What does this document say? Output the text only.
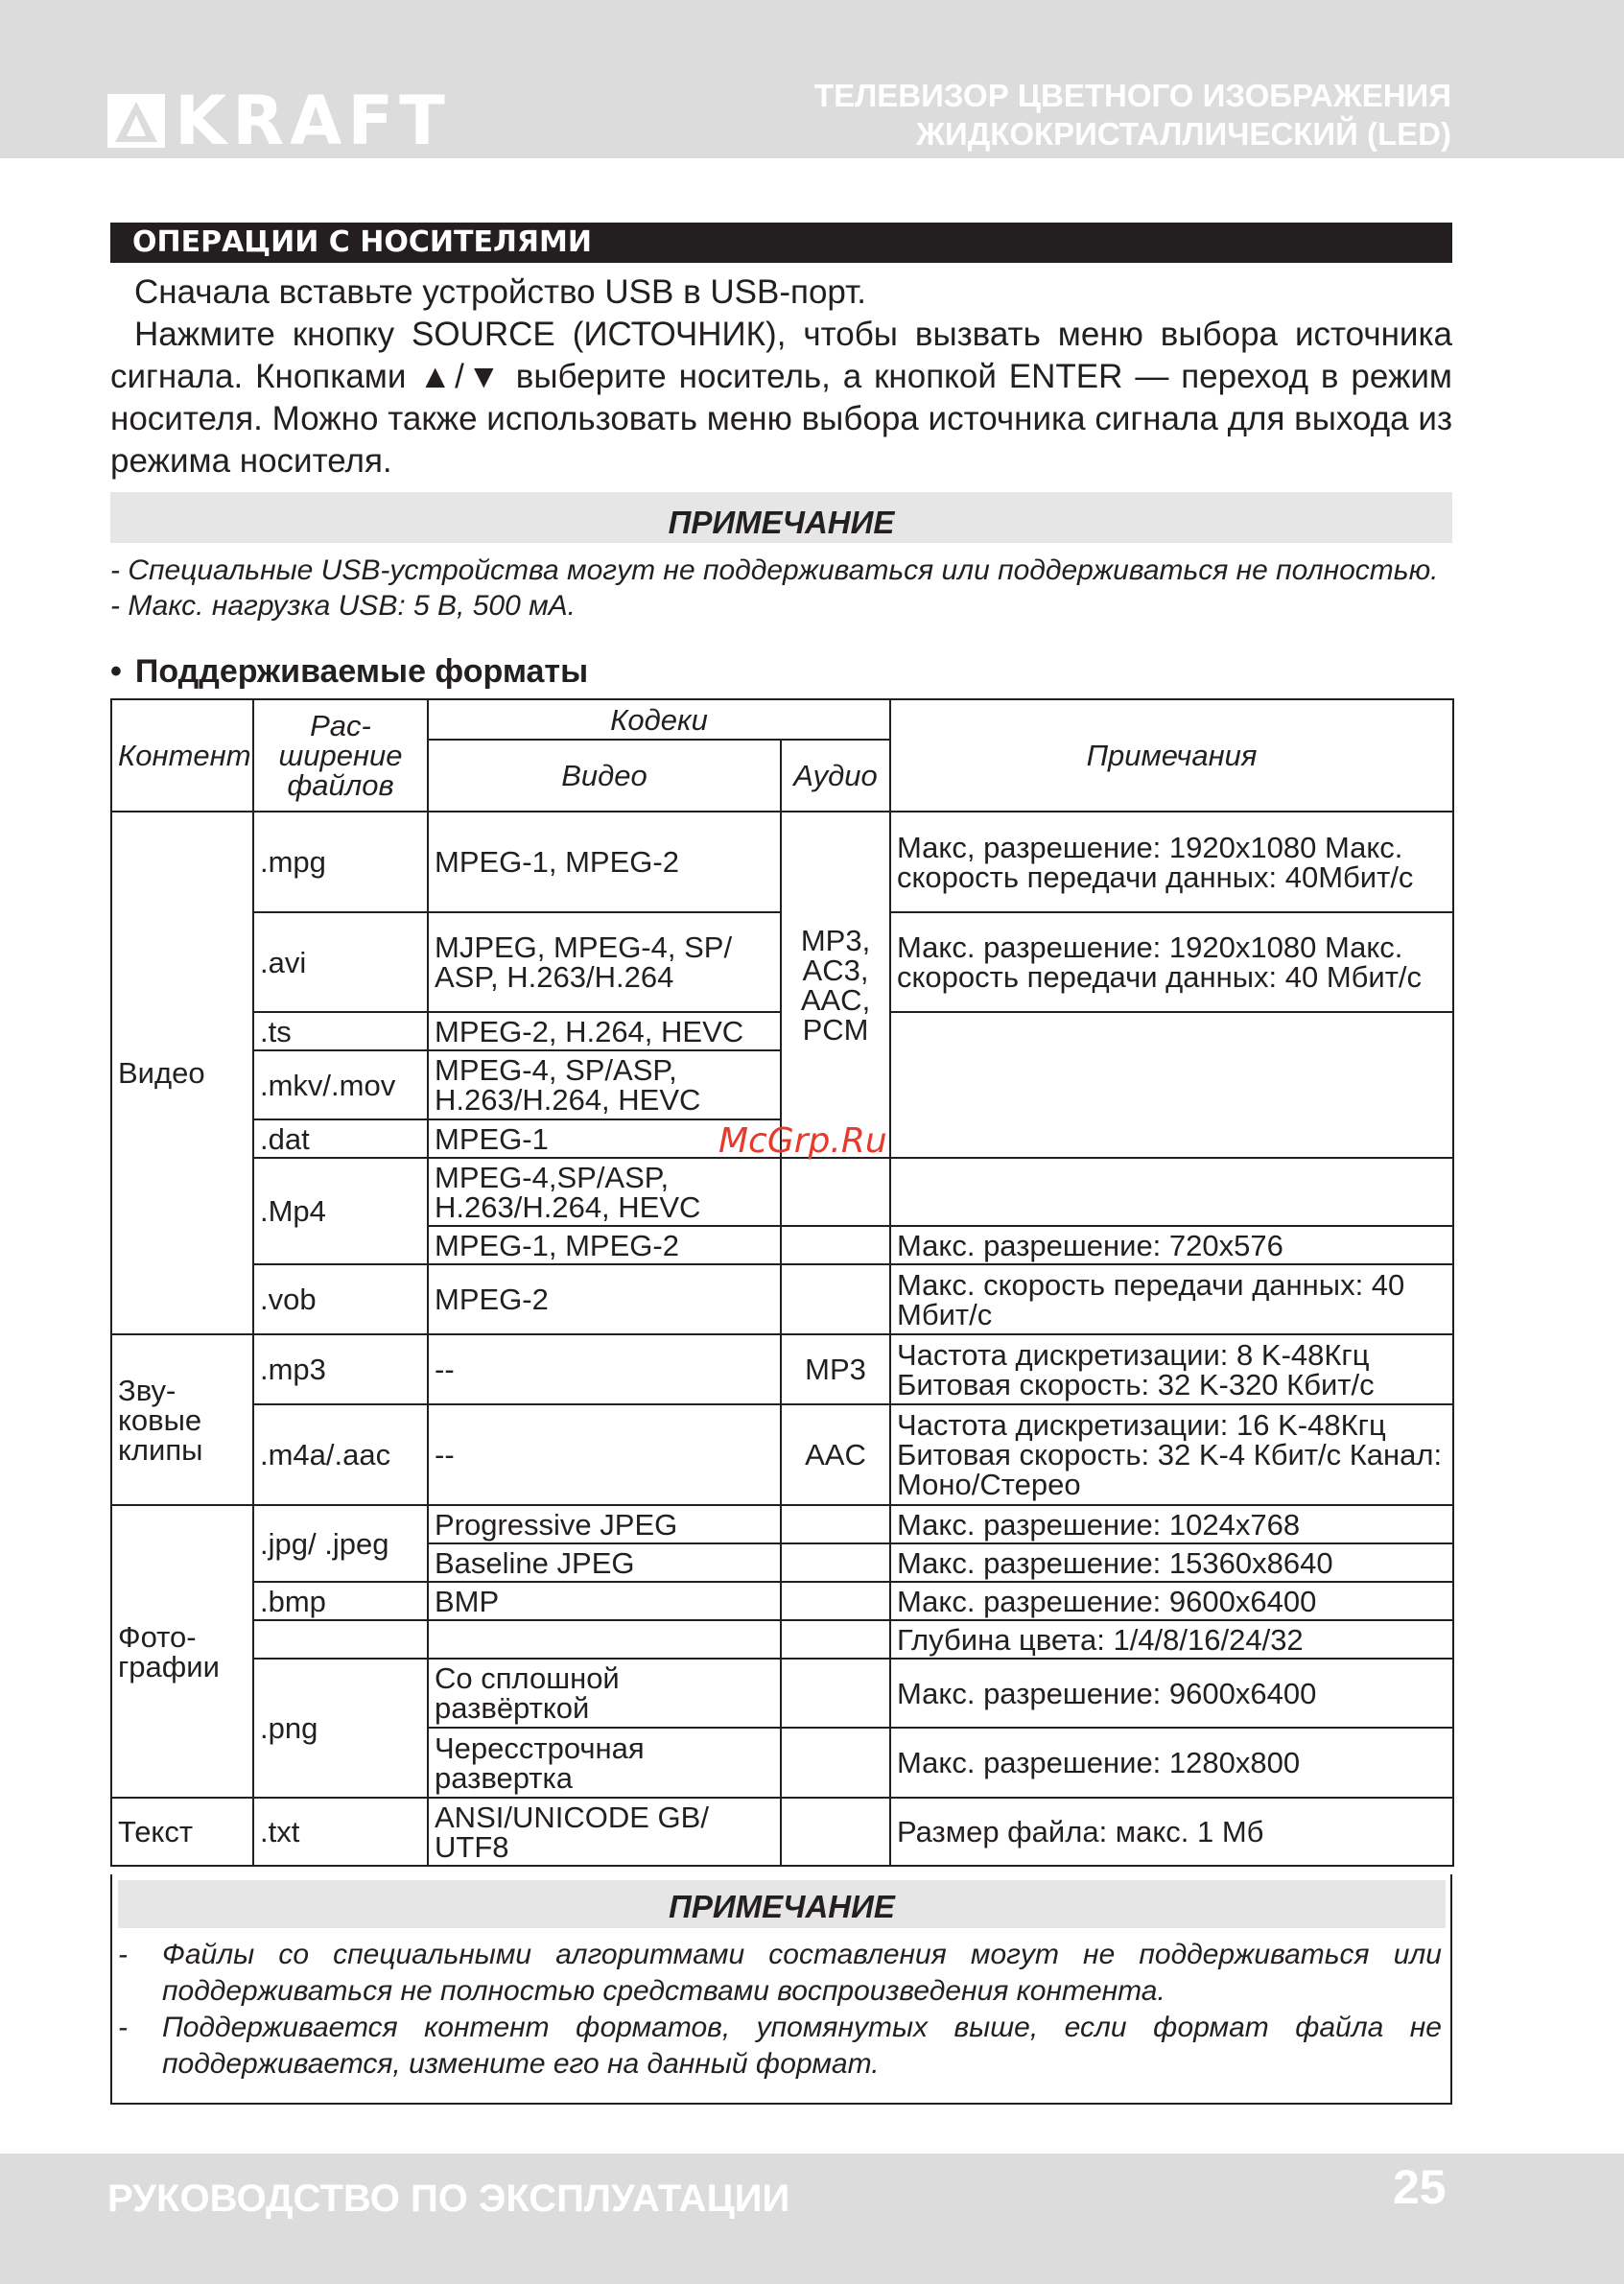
KRAFT	ТЕЛЕВИЗОР ЦВЕТНОГО ИЗОБРАЖЕНИЯ
ЖИДКОКРИСТАЛЛИЧЕСКИЙ (LED)
ОПЕРАЦИИ С НОСИТЕЛЯМИ

Сначала вставьте устройство USB в USB-порт.

Нажмите кнопку SOURCE (ИСТОЧНИК), чтобы вызвать меню выбора источника сигнала. Кнопками ▲/▼ выберите носитель, а кнопкой ENTER — переход в режим носителя. Можно также использовать меню выбора источника сигнала для выхода из режима носителя.

ПРИМЕЧАНИЕ
- Специальные USB-устройства могут не поддерживаться или поддерживаться не полностью.
- Макс. нагрузка USB: 5 В, 500 мА.
• Поддерживаемые форматы
Контент	Рас-ширение файлов	Кодеки		Примечания
		Видео	Аудио	
Видео	.mpg	MPEG-1, MPEG-2	MP3, AC3, AAC, PCM	Макс, разрешение: 1920x1080 Макс. скорость передачи данных: 40Мбит/с
	.avi	MJPEG, MPEG-4, SP/ ASP, H.263/H.264		Макс. разрешение: 1920x1080 Макс. скорость передачи данных: 40 Мбит/с
	.ts	MPEG-2, H.264, HEVC		
	.mkv/.mov	MPEG-4, SP/ASP, H.263/H.264, HEVC		
	.dat	MPEG-1		
	.Mp4	MPEG-4,SP/ASP, H.263/H.264, HEVC		
		MPEG-1, MPEG-2		Макс. разрешение: 720x576
	.vob	MPEG-2		Макс. скорость передачи данных: 40 Мбит/с
Зву-ковые клипы	.mp3	--	MP3	Частота дискретизации: 8 K-48Кгц Битовая скорость: 32 K-320 Кбит/с
	.m4a/.aac	--	AAC	Частота дискретизации: 16 K-48Кгц Битовая скорость: 32 K-4 Кбит/с Канал: Моно/Стерео
Фото-графии	.jpg/ .jpeg	Progressive JPEG		Макс. разрешение: 1024x768
		Baseline JPEG		Макс. разрешение: 15360x8640
	.bmp	BMP		Макс. разрешение: 9600x6400
				Глубина цвета: 1/4/8/16/24/32
	.png	Со сплошной развёрткой		Макс. разрешение: 9600x6400
		Чересстрочная развертка		Макс. разрешение: 1280x800
Текст	.txt	ANSI/UNICODE GB/ UTF8		Размер файла: макс. 1 Мб
McGrp.Ru
ПРИМЕЧАНИЕ
- Файлы со специальными алгоритмами составления могут не поддерживаться или поддерживаться не полностью средствами воспроизведения контента.
- Поддерживается контент форматов, упомянутых выше, если формат файла не поддерживается, измените его на данный формат.
РУКОВОДСТВО ПО ЭКСПЛУАТАЦИИ	25
